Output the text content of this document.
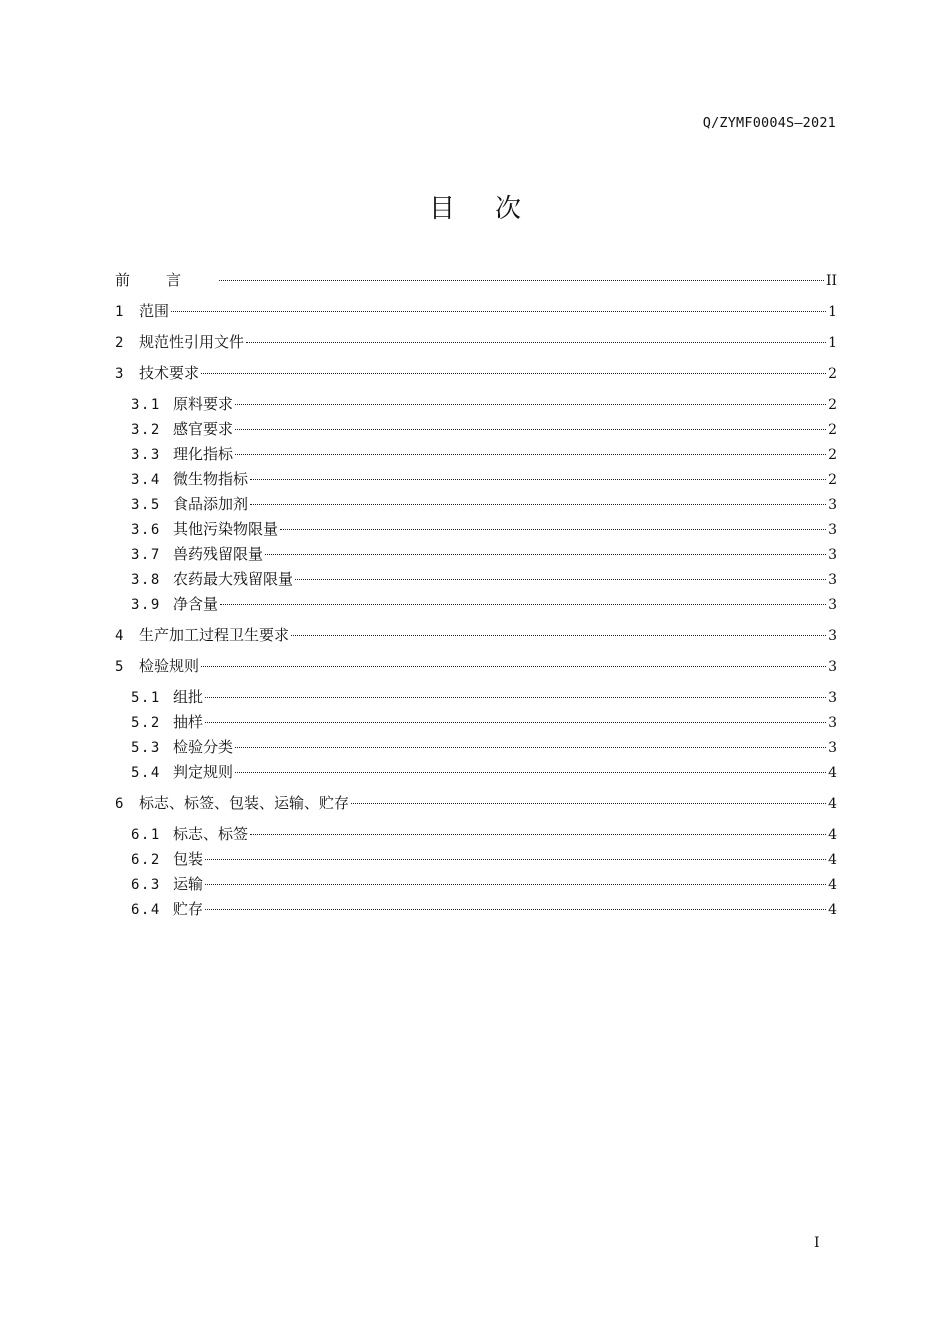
Q/ZYMF0004S—2021
目次
前言	II
1	范围	1
2	规范性引用文件	1
3	技术要求	2
3.1 原料要求	2
3.2 感官要求	2
3.3 理化指标	2
3.4 微生物指标	2
3.5 食品添加剂	3
3.6 其他污染物限量	3
3.7 兽药残留限量	3
3.8 农药最大残留限量	3
3.9 净含量	3
4	生产加工过程卫生要求	3
5	检验规则	3
5.1 组批	3
5.2 抽样	3
5.3 检验分类	3
5.4 判定规则	4
6	标志、标签、包装、运输、贮存	4
6.1 标志、标签	4
6.2 包装	4
6.3 运输	4
6.4 贮存	4
I
